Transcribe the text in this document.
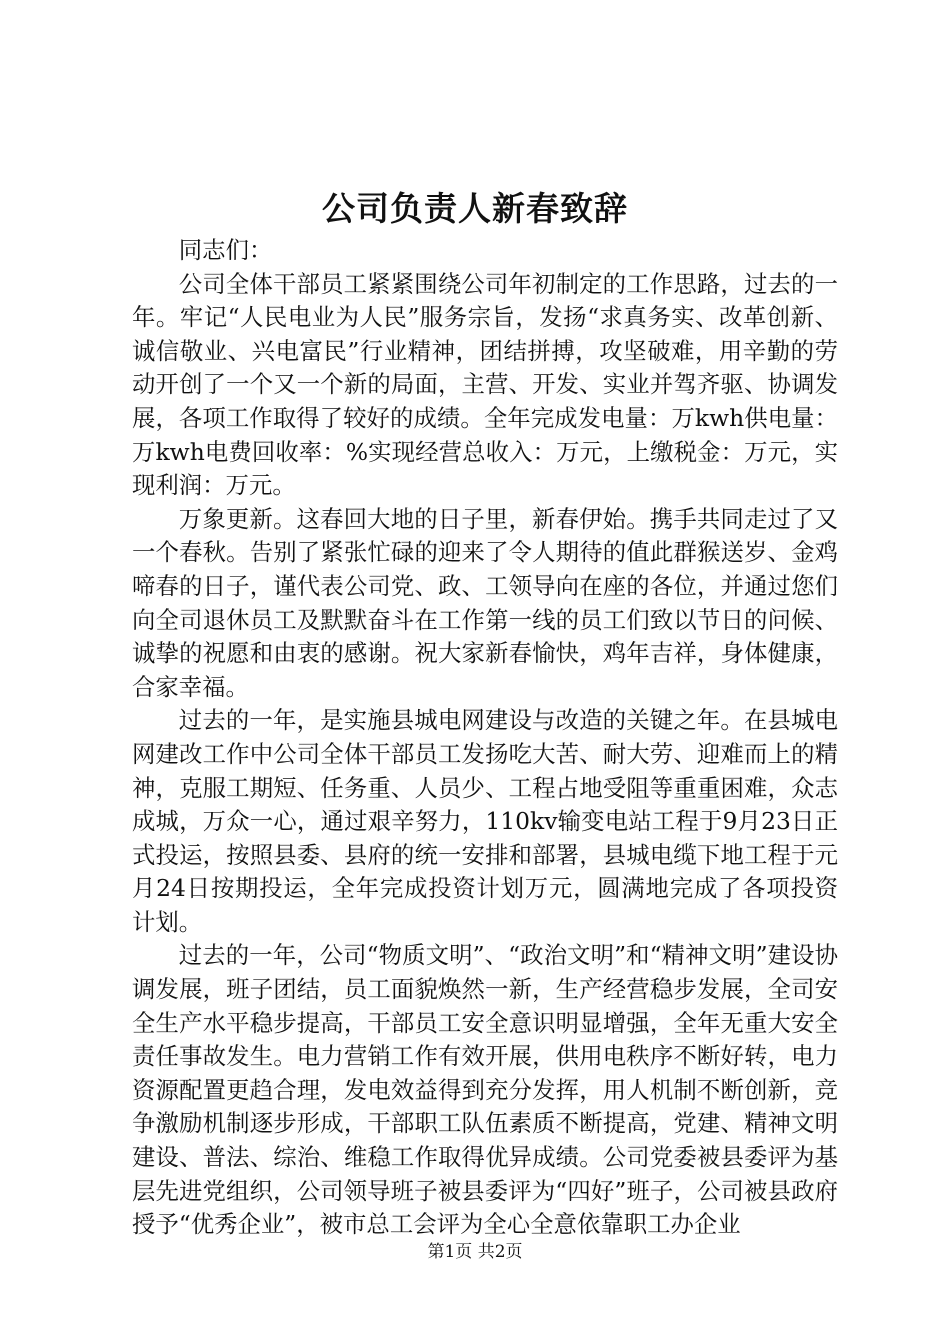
公司负责人新春致辞

同志们：

公司全体干部员工紧紧围绕公司年初制定的工作思路，过去的一年。牢记“人民电业为人民”服务宗旨，发扬“求真务实、改革创新、诚信敬业、兴电富民”行业精神，团结拼搏，攻坚破难，用辛勤的劳动开创了一个又一个新的局面，主营、开发、实业并驾齐驱、协调发展，各项工作取得了较好的成绩。全年完成发电量：万kwh供电量：万kwh电费回收率：%实现经营总收入：万元，上缴税金：万元，实现利润：万元。

万象更新。这春回大地的日子里，新春伊始。携手共同走过了又一个春秋。告别了紧张忙碌的迎来了令人期待的值此群猴送岁、金鸡啼春的日子，谨代表公司党、政、工领导向在座的各位，并通过您们向全司退休员工及默默奋斗在工作第一线的员工们致以节日的问候、诚挚的祝愿和由衷的感谢。祝大家新春愉快，鸡年吉祥，身体健康，合家幸福。

过去的一年，是实施县城电网建设与改造的关键之年。在县城电网建改工作中公司全体干部员工发扬吃大苦、耐大劳、迎难而上的精神，克服工期短、任务重、人员少、工程占地受阻等重重困难，众志成城，万众一心，通过艰辛努力，110kv输变电站工程于9月23日正式投运，按照县委、县府的统一安排和部署，县城电缆下地工程于元月24日按期投运，全年完成投资计划万元，圆满地完成了各项投资计划。

过去的一年，公司“物质文明”、“政治文明”和“精神文明”建设协调发展，班子团结，员工面貌焕然一新，生产经营稳步发展，全司安全生产水平稳步提高，干部员工安全意识明显增强，全年无重大安全责任事故发生。电力营销工作有效开展，供用电秩序不断好转，电力资源配置更趋合理，发电效益得到充分发挥，用人机制不断创新，竞争激励机制逐步形成，干部职工队伍素质不断提高，党建、精神文明建设、普法、综治、维稳工作取得优异成绩。公司党委被县委评为基层先进党组织，公司领导班子被县委评为“四好”班子，公司被县政府授予“优秀企业”，被市总工会评为全心全意依靠职工办企业

第1页 共2页
